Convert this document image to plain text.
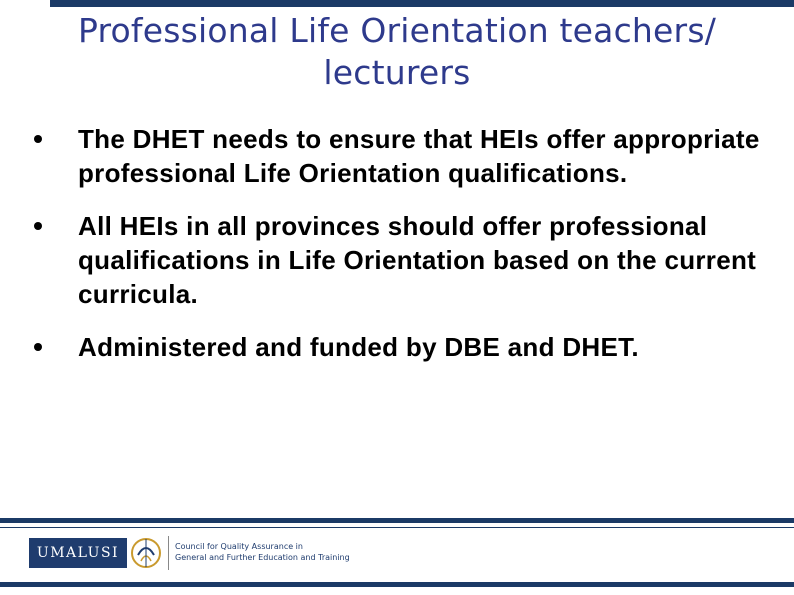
Professional Life Orientation teachers/
lecturers
The DHET needs to ensure that HEIs offer appropriate professional Life Orientation qualifications.
All HEIs in all provinces should offer professional qualifications in Life Orientation based on the current curricula.
Administered and funded by DBE and DHET.
UMALUSI	Council for Quality Assurance in
General and Further Education and Training
